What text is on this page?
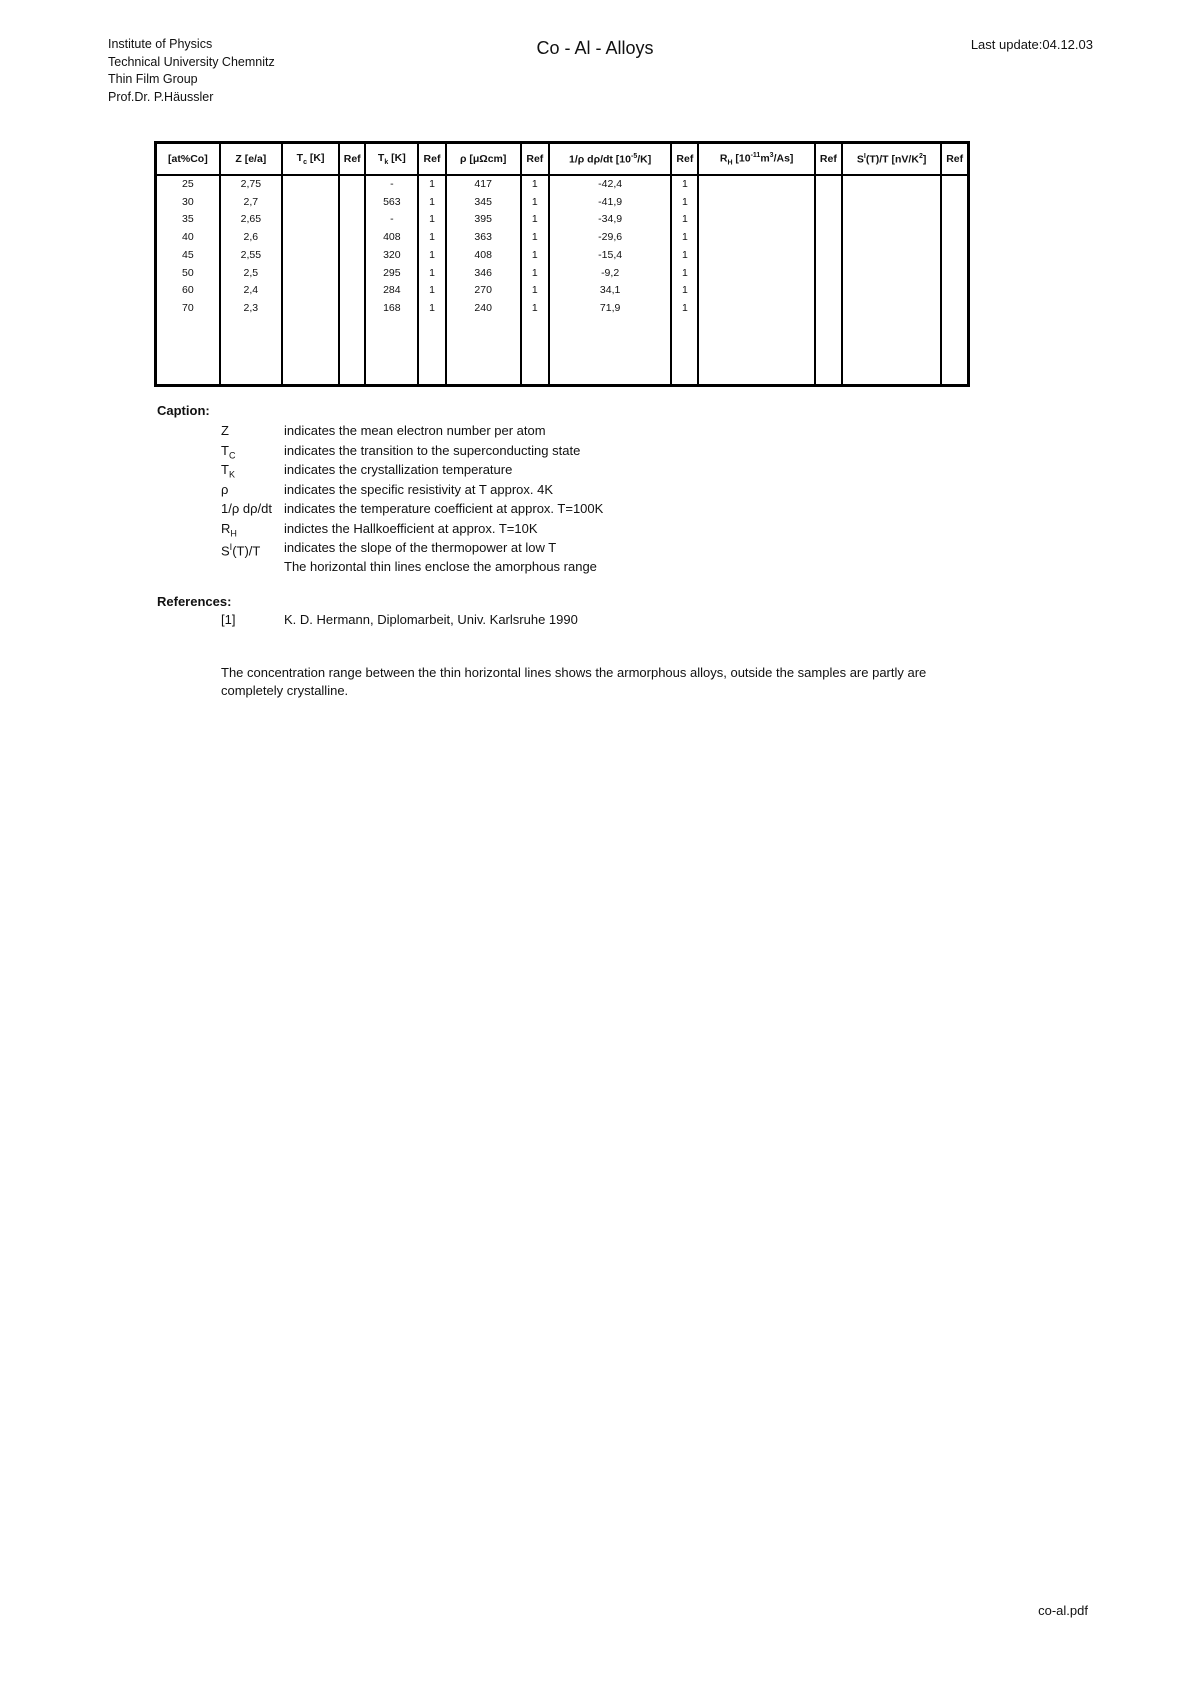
Institute of Physics
Technical University Chemnitz
Thin Film Group
Prof.Dr. P.Häussler
Co - Al - Alloys	Last update:04.12.03
[at%Co]	Z [e/a]	$T_c$ [K]	Ref	$T_k$ [K]	Ref	ρ [μΩcm]	Ref	1/ρ dρ/dt $[10^{-5}/K]$	Ref	$R_H$ $[10^{-11}m^3/As]$	Ref	$S^I(T)/T$ $[nV/K^2]$	Ref
25	2,75			-	1	417	1	-42,4	1				
30	2,7			563	1	345	1	-41,9	1				
35	2,65			-	1	395	1	-34,9	1				
40	2,6			408	1	363	1	-29,6	1				
45	2,55			320	1	408	1	-15,4	1				
50	2,5			295	1	346	1	-9,2	1				
60	2,4			284	1	270	1	34,1	1				
70	2,3			168	1	240	1	71,9	1				

Caption:
Z	indicates the mean electron number per atom
$T_C$	indicates the transition to the superconducting state
$T_K$	indicates the crystallization temperature
ρ	indicates the specific resistivity at T approx. 4K
1/ρ dρ/dt indicates the temperature coefficient at approx. T=100K
$R_H$	indictes the Hallkoefficient at approx. T=10K
$S^I(T)/T$	indicates the slope of the thermopower at low T
The horizontal thin lines enclose the amorphous range
References:
[1]	K. D. Hermann, Diplomarbeit, Univ. Karlsruhe 1990
The concentration range between the thin horizontal lines shows the armorphous alloys, outside the samples are partly are completely crystalline.
co-al.pdf
